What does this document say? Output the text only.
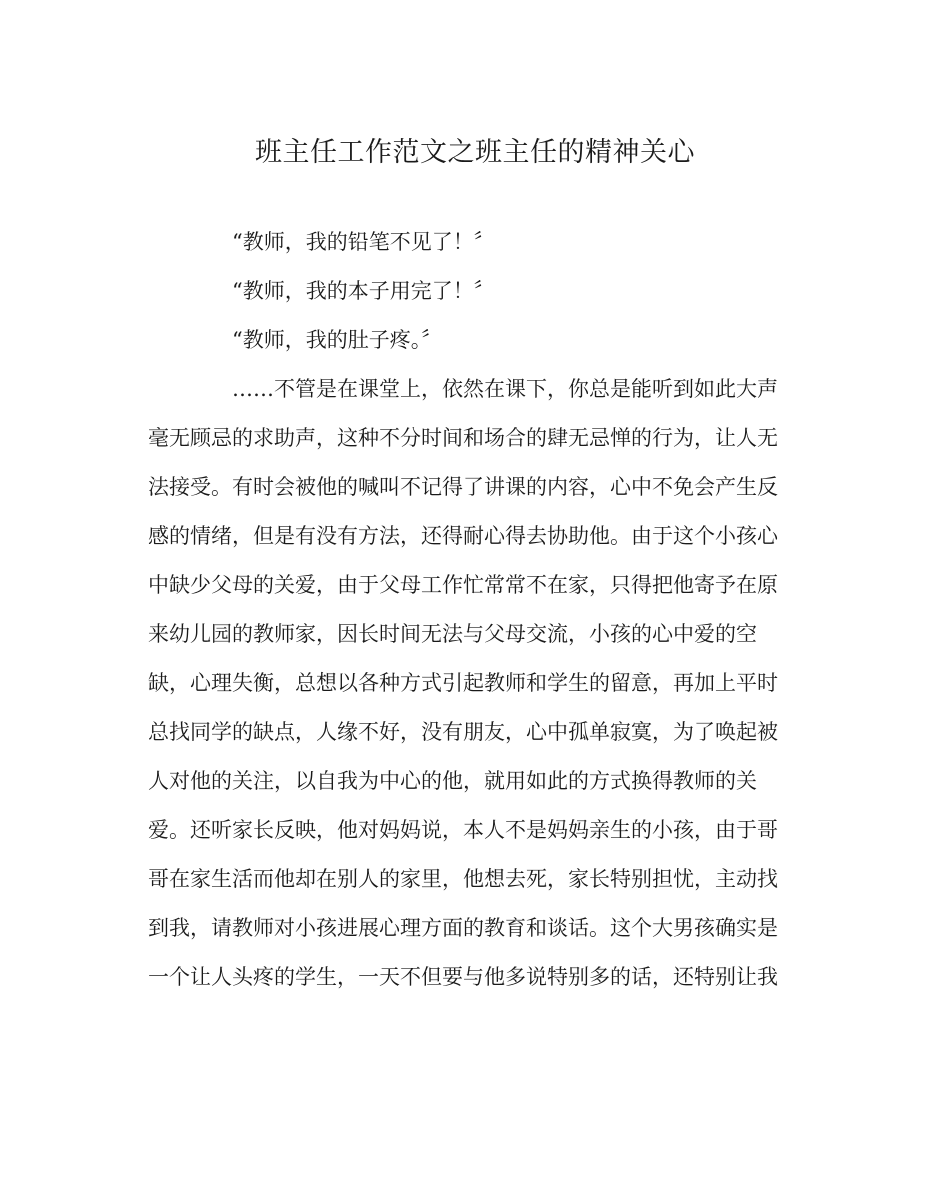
班主任工作范文之班主任的精神关心

“教师，我的铅笔不见了！〞

“教师，我的本子用完了！〞

“教师，我的肚子疼。〞

……不管是在课堂上，依然在课下，你总是能听到如此大声
毫无顾忌的求助声，这种不分时间和场合的肆无忌惮的行为，让人无
法接受。有时会被他的喊叫不记得了讲课的内容，心中不免会产生反
感的情绪，但是有没有方法，还得耐心得去协助他。由于这个小孩心
中缺少父母的关爱，由于父母工作忙常常不在家，只得把他寄予在原
来幼儿园的教师家，因长时间无法与父母交流，小孩的心中爱的空
缺，心理失衡，总想以各种方式引起教师和学生的留意，再加上平时
总找同学的缺点，人缘不好，没有朋友，心中孤单寂寞，为了唤起被
人对他的关注，以自我为中心的他，就用如此的方式换得教师的关
爱。还听家长反映，他对妈妈说，本人不是妈妈亲生的小孩，由于哥
哥在家生活而他却在别人的家里，他想去死，家长特别担忧，主动找
到我，请教师对小孩进展心理方面的教育和谈话。这个大男孩确实是
一个让人头疼的学生，一天不但要与他多说特别多的话，还特别让我
